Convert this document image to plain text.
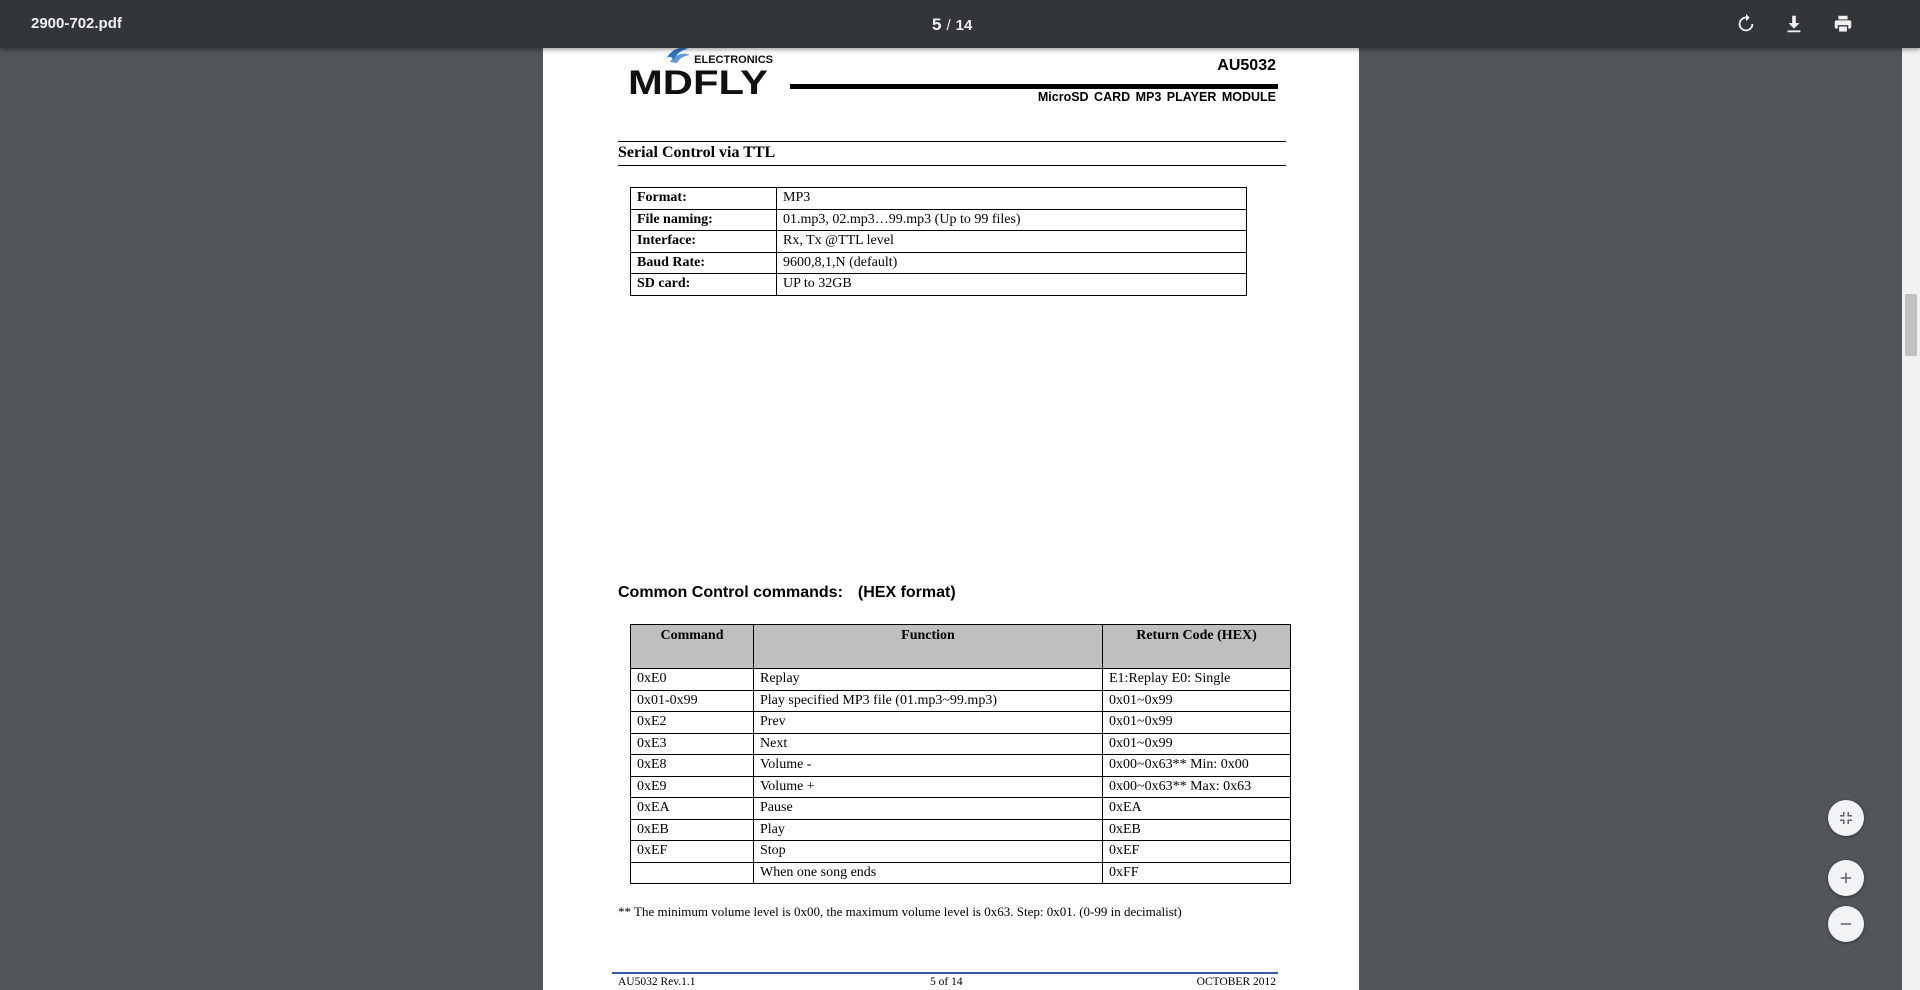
2900-702.pdf	5 / 14
ELECTRONICS
MDFLY	AU5032
MicroSD CARD MP3 PLAYER MODULE
Serial Control via TTL
Format:	MP3
File naming:	01.mp3, 02.mp3…99.mp3 (Up to 99 files)
Interface:	Rx, Tx @TTL level
Baud Rate:	9600,8,1,N (default)
SD card:	UP to 32GB
Common Control commands: (HEX format)
Command	Function	Return Code (HEX)
0xE0	Replay	E1:Replay E0: Single
0x01-0x99	Play specified MP3 file (01.mp3~99.mp3)	0x01~0x99
0xE2	Prev	0x01~0x99
0xE3	Next	0x01~0x99
0xE8	Volume -	0x00~0x63** Min: 0x00
0xE9	Volume +	0x00~0x63** Max: 0x63
0xEA	Pause	0xEA
0xEB	Play	0xEB
0xEF	Stop	0xEF
	When one song ends	0xFF
** The minimum volume level is 0x00, the maximum volume level is 0x63. Step: 0x01. (0-99 in decimalist)
AU5032 Rev.1.1	5 of 14	OCTOBER 2012
